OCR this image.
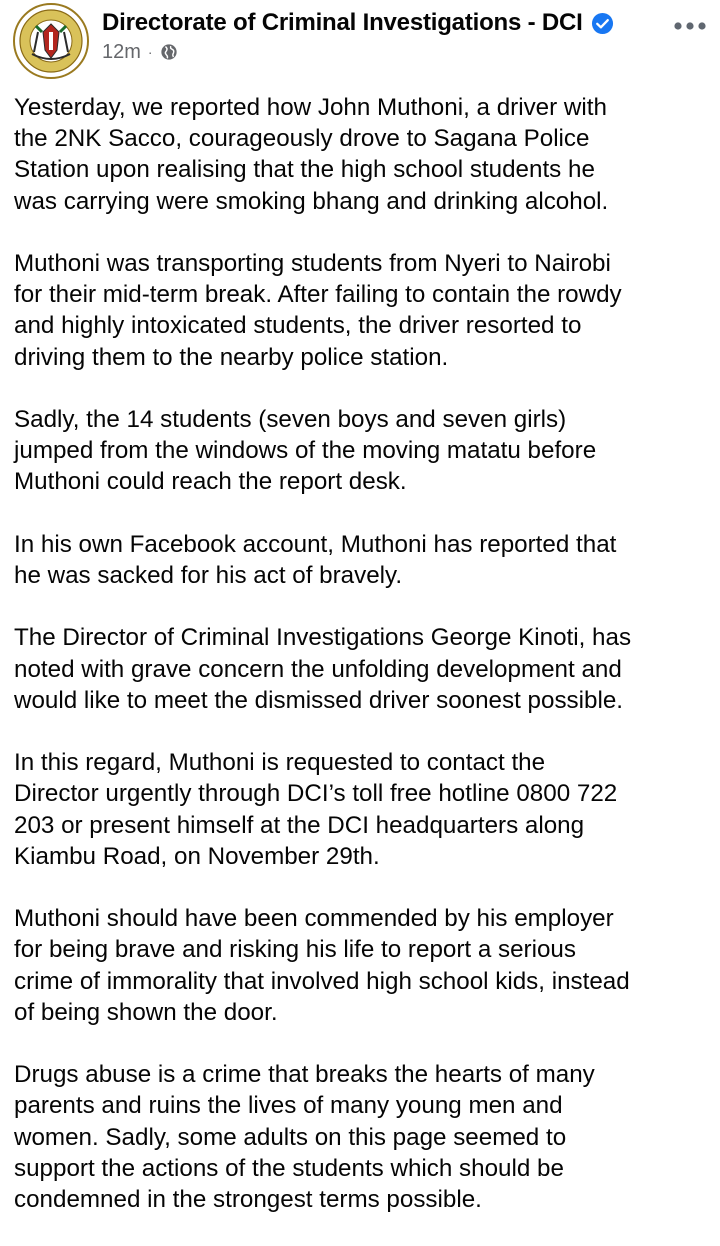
Directorate of Criminal Investigations - DCI
12m ·

Yesterday, we reported how John Muthoni, a driver with
the 2NK Sacco, courageously drove to Sagana Police
Station upon realising that the high school students he
was carrying were smoking bhang and drinking alcohol.

Muthoni was transporting students from Nyeri to Nairobi
for their mid-term break. After failing to contain the rowdy
and highly intoxicated students, the driver resorted to
driving them to the nearby police station.

Sadly, the 14 students (seven boys and seven girls)
jumped from the windows of the moving matatu before
Muthoni could reach the report desk.

In his own Facebook account, Muthoni has reported that
he was sacked for his act of bravely.

The Director of Criminal Investigations George Kinoti, has
noted with grave concern the unfolding development and
would like to meet the dismissed driver soonest possible.

In this regard, Muthoni is requested to contact the
Director urgently through DCI’s toll free hotline 0800 722
203 or present himself at the DCI headquarters along
Kiambu Road, on November 29th.

Muthoni should have been commended by his employer
for being brave and risking his life to report a serious
crime of immorality that involved high school kids, instead
of being shown the door.

Drugs abuse is a crime that breaks the hearts of many
parents and ruins the lives of many young men and
women. Sadly, some adults on this page seemed to
support the actions of the students which should be
condemned in the strongest terms possible.
